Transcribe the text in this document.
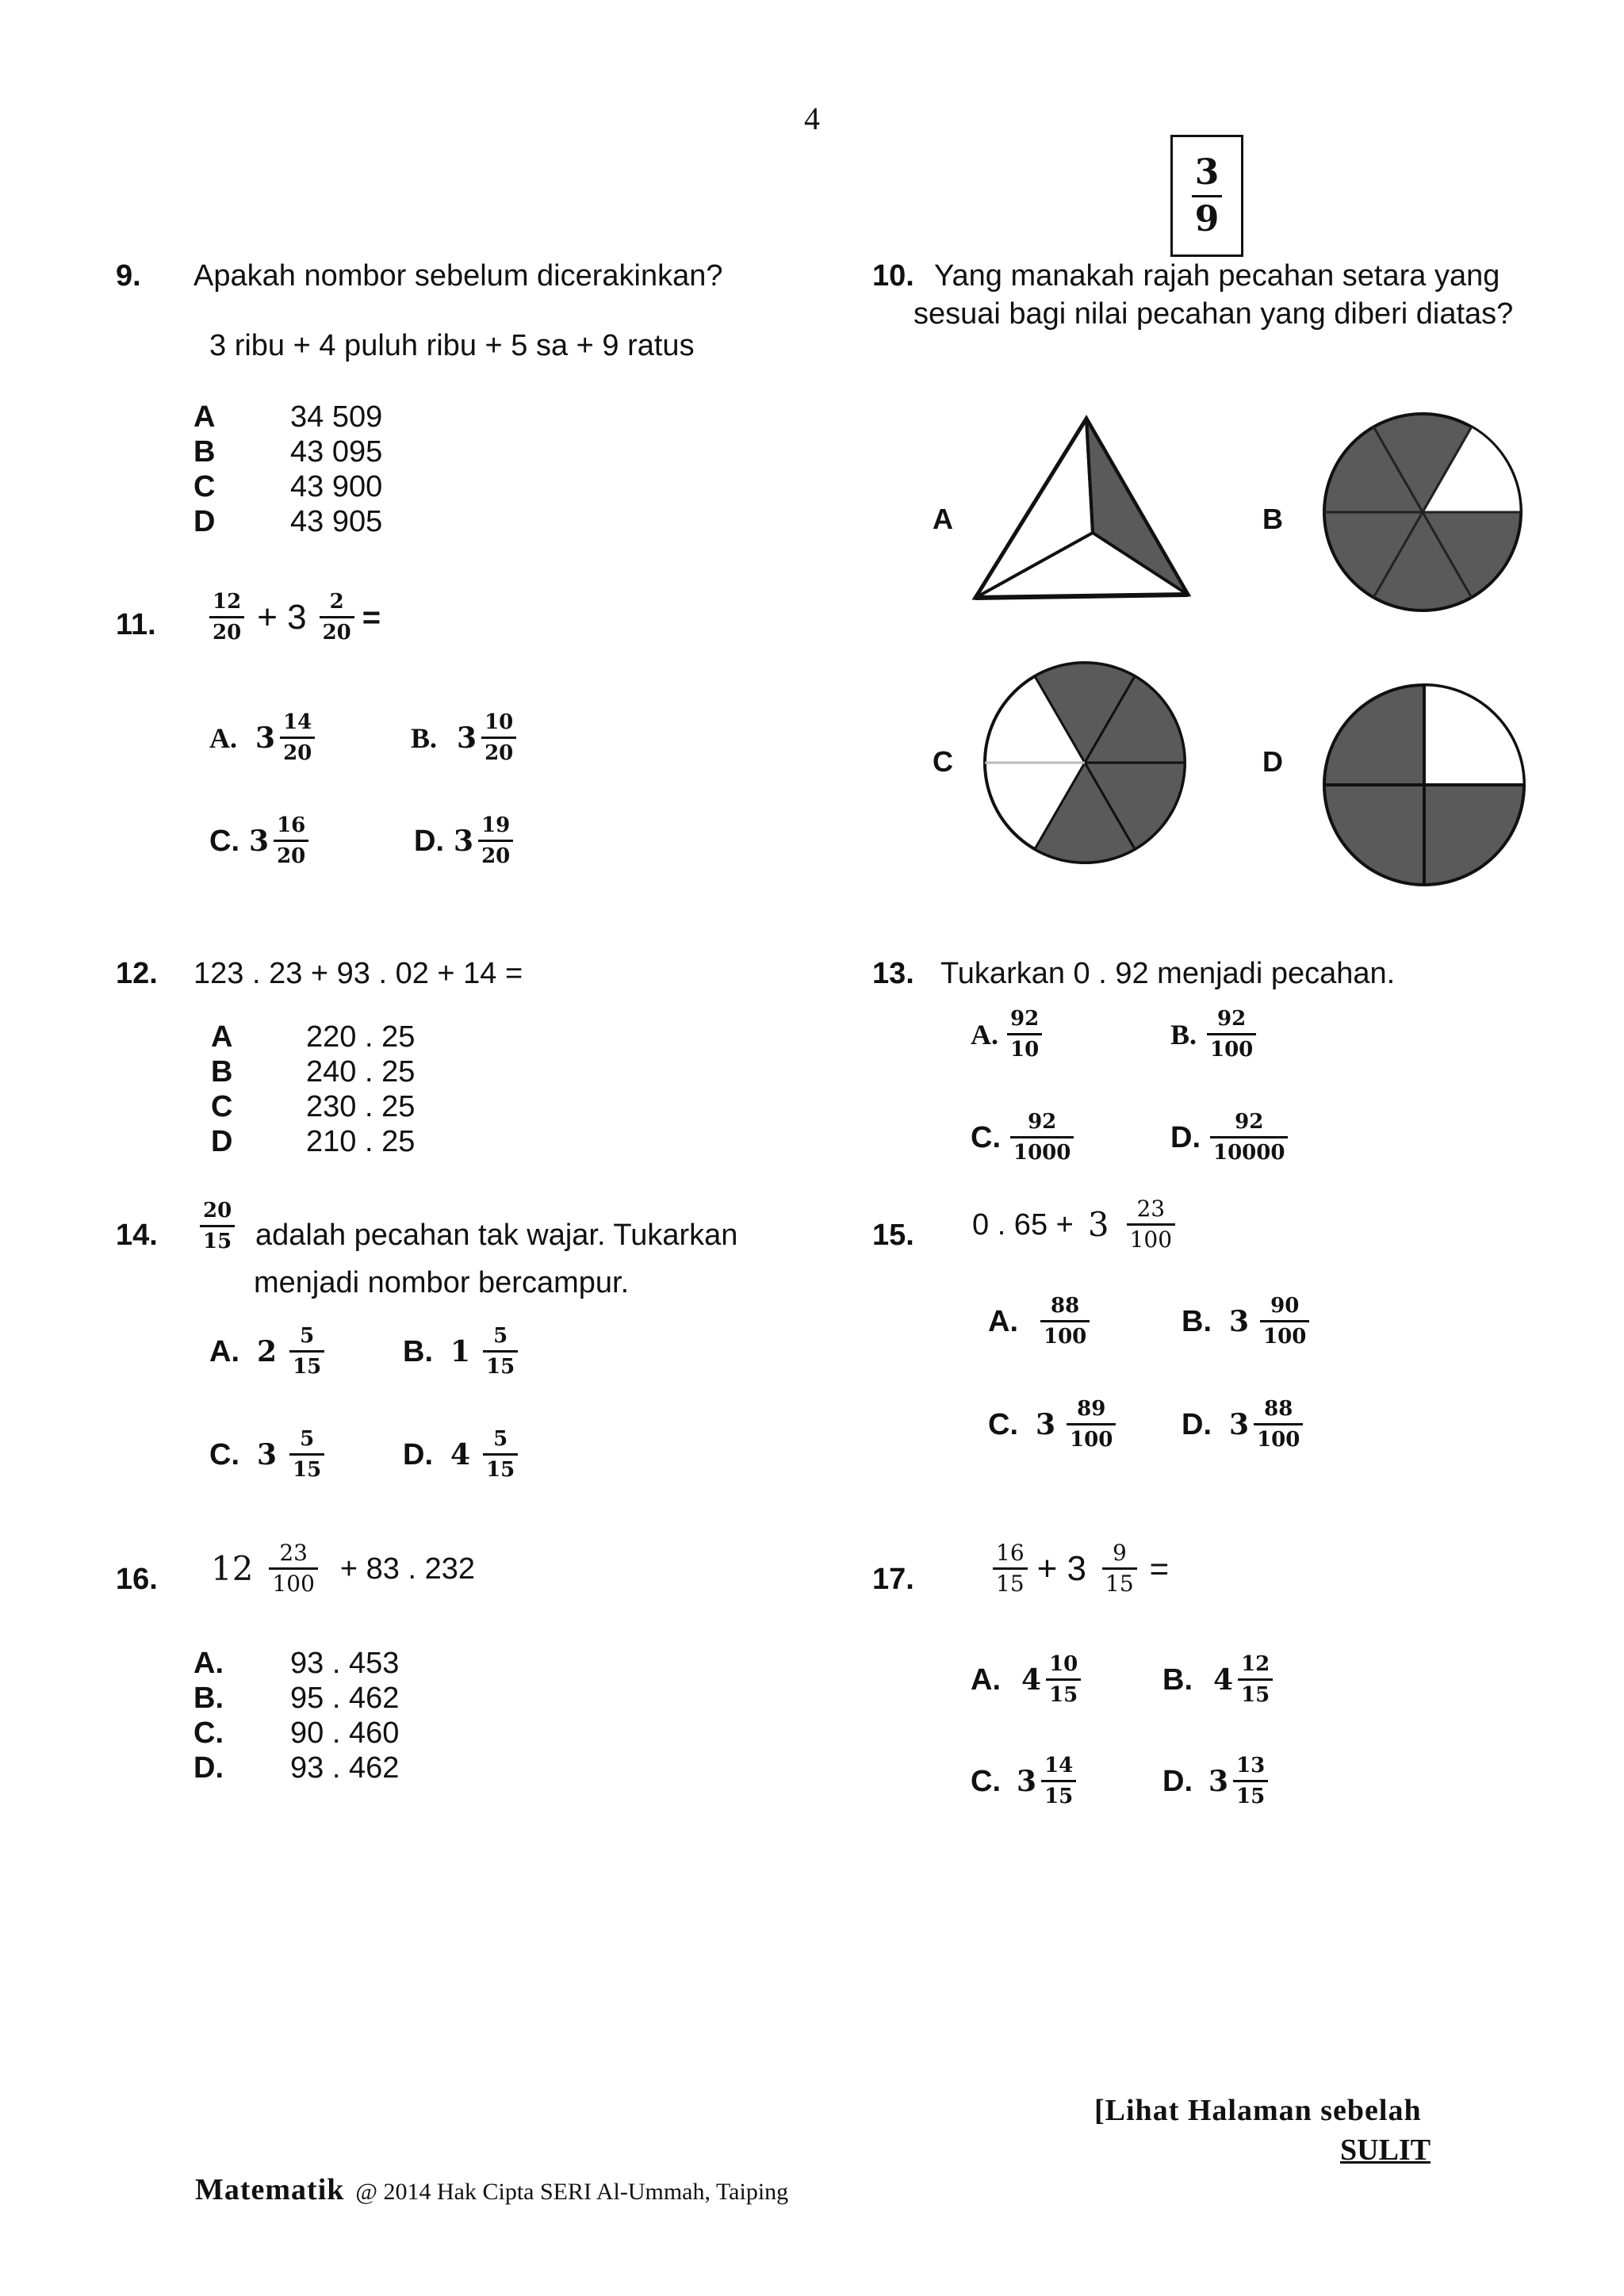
4
$\frac{3}{9}$
9. Apakah nombor sebelum dicerakinkan?
3 ribu + 4 puluh ribu + 5 sa + 9 ratus
A	34 509
B	43 095
C	43 900
D	43 905
10. Yang manakah rajah pecahan setara yang
sesuai bagi nilai pecahan yang diberi diatas?
A	B
C	D
11.	$\frac{12}{20} + 3 \frac{2}{20}$ =
A. $3 \frac{14}{20}$	B. $3 \frac{10}{20}$
C. $3 \frac{16}{20}$	D. $3 \frac{19}{20}$
12. 123 . 23 + 93 . 02 + 14 =
A	220 . 25
B	240 . 25
C	230 . 25
D	210 . 25
13. Tukarkan 0 . 92 menjadi pecahan.
A. $\frac{92}{10}$	B. $\frac{92}{100}$
C. $\frac{92}{1000}$	D. $\frac{92}{10000}$
14. $\frac{20}{15}$ adalah pecahan tak wajar. Tukarkan
menjadi nombor bercampur.
A. $2 \frac{5}{15}$	B. $1 \frac{5}{15}$
C. $3 \frac{5}{15}$	D. $4 \frac{5}{15}$
15. 0 . $65 + 3 \frac{23}{100}$
A.	$\frac{88}{100}$	B. $3 \frac{90}{100}$
C. $3 \frac{89}{100} D$. $3 \frac{88}{100}$
16. $12 \frac{23}{100} + 83$ . 232
A.	93 . 453
B.	95 . 462
C.	90 . 460
D.	93 . 462
17.	$\frac{16}{15} + 3 \frac{9}{15}$ =
A. $4 \frac{10}{15}$	B. $4 \frac{12}{15}$
C. $3 \frac{14}{15}$	D. $3 \frac{13}{15}$
[Lihat Halaman sebelah
SULIT
Matematik @ 2014 Hak Cipta SERI Al-Ummah, Taiping
